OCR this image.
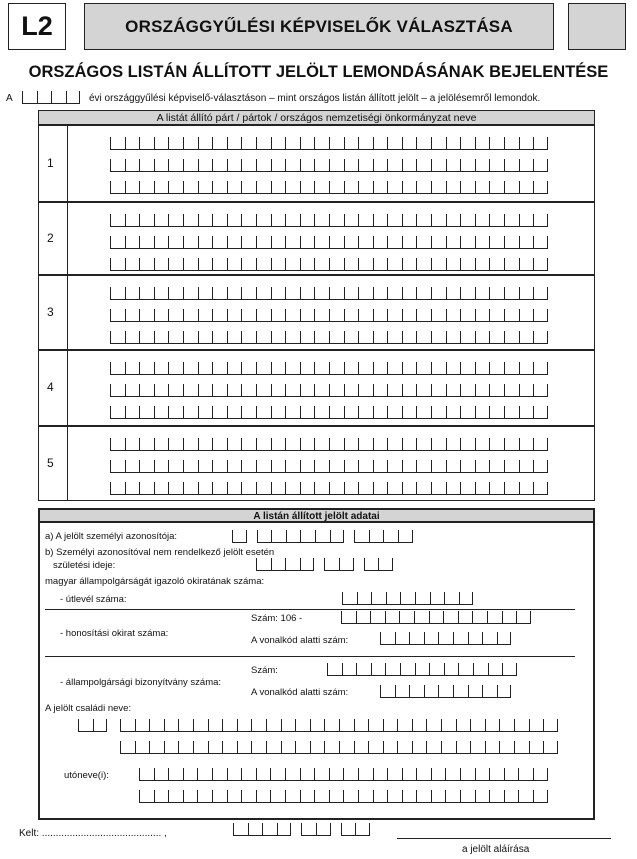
L2	ORSZÁGGYŰLÉSI KÉPVISELŐK VÁLASZTÁSA
ORSZÁGOS LISTÁN ÁLLÍTOTT JELÖLT LEMONDÁSÁNAK BEJELENTÉSE
A	évi országgyűlési képviselő-választáson – mint országos listán állított jelölt – a jelölésemről lemondok.
A listát állító párt / pártok / országos nemzetiségi önkormányzat neve
1
2
3
4
5
A listán állított jelölt adatai
a) A jelölt személyi azonosítója:
b) Személyi azonosítóval nem rendelkező jelölt esetén
születési ideje:
magyar állampolgárságát igazoló okiratának száma:
- útlevél száma:
Szám: 106 -
- honosítási okirat száma:
A vonalkód alatti szám:
Szám:
- állampolgársági bizonyítvány száma:
A vonalkód alatti szám:
A jelölt családi neve:
utóneve(i):
Kelt: ........................................... ,
a jelölt aláírása
